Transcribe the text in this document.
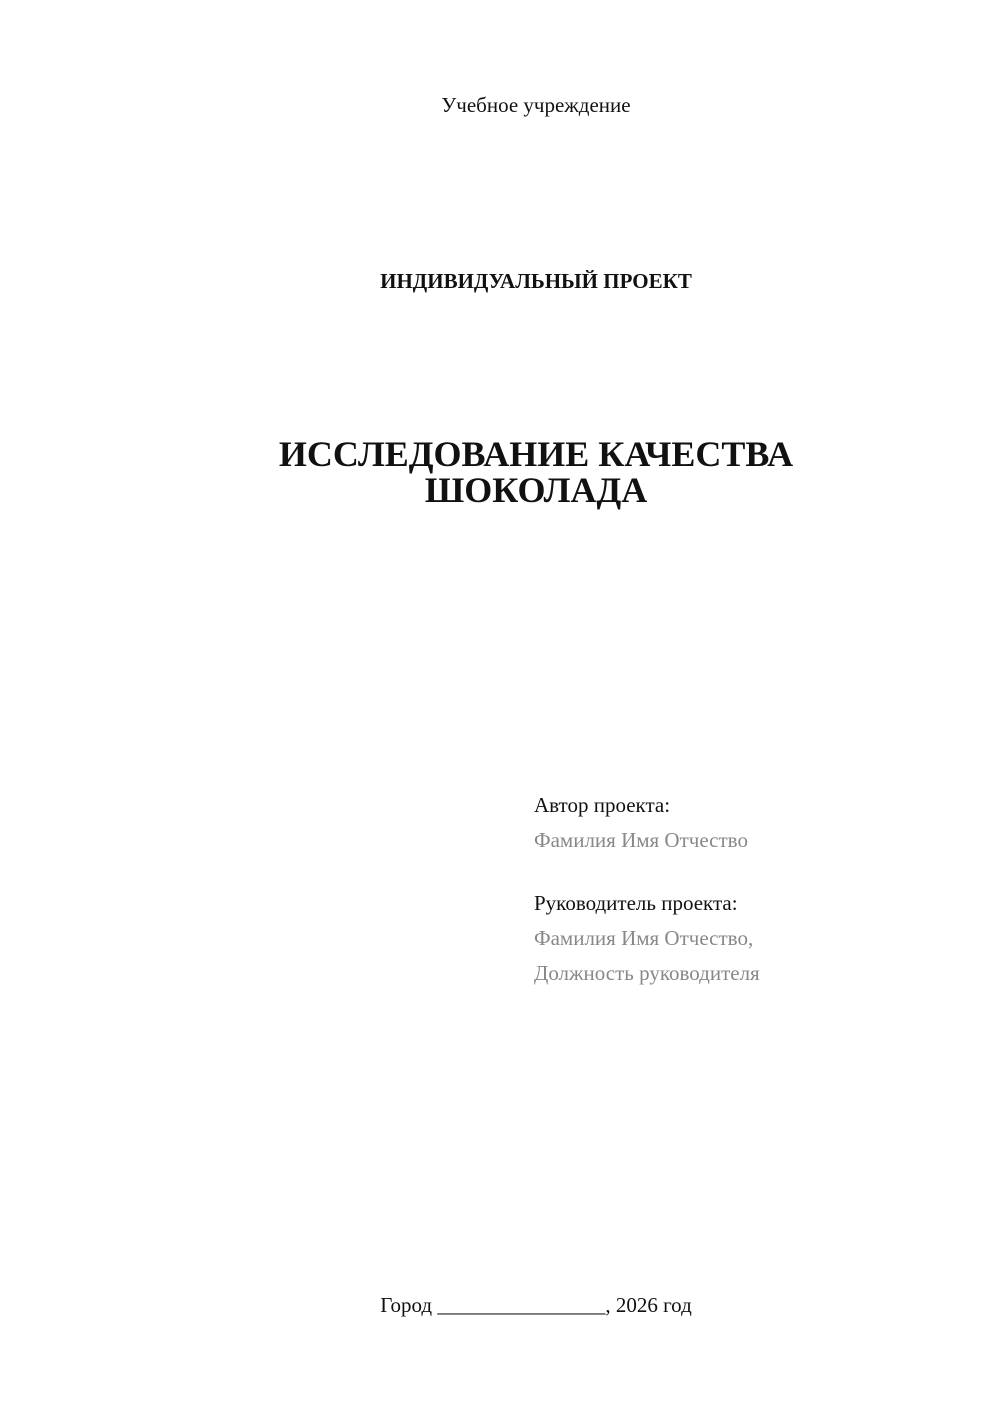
Учебное учреждение
ИНДИВИДУАЛЬНЫЙ ПРОЕКТ
ИССЛЕДОВАНИЕ КАЧЕСТВА
ШОКОЛАДА
Автор проекта:
Фамилия Имя Отчество
Руководитель проекта:
Фамилия Имя Отчество,
Должность руководителя
Город ________________, 2026 год
